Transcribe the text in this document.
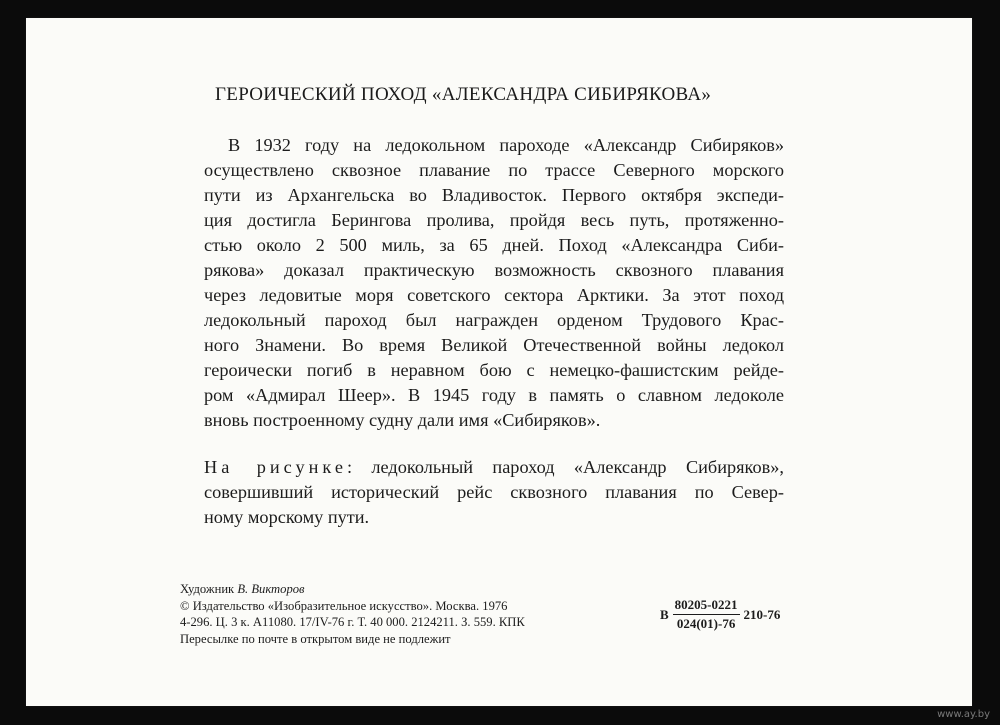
ГЕРОИЧЕСКИЙ ПОХОД «АЛЕКСАНДРА СИБИРЯКОВА»
В 1932 году на ледокольном пароходе «Александр Сибиряков»
осуществлено сквозное плавание по трассе Северного морского
пути из Архангельска во Владивосток. Первого октября экспеди-
ция достигла Берингова пролива, пройдя весь путь, протяженно-
стью около 2 500 миль, за 65 дней. Поход «Александра Сиби-
рякова» доказал практическую возможность сквозного плавания
через ледовитые моря советского сектора Арктики. За этот поход
ледокольный пароход был награжден орденом Трудового Крас-
ного Знамени. Во время Великой Отечественной войны ледокол
героически погиб в неравном бою с немецко-фашистским рейде-
ром «Адмирал Шеер». В 1945 году в память о славном ледоколе
вновь построенному судну дали имя «Сибиряков».
На рисунке: ледокольный пароход «Александр Сибиряков»,
совершивший исторический рейс сквозного плавания по Север-
ному морскому пути.
Художник В. Викторов
© Издательство «Изобразительное искусство». Москва. 1976
4-296. Ц. 3 к. А11080. 17/IV-76 г. Т. 40 000. 2124211. З. 559. КПК
Пересылке по почте в открытом виде не подлежит
В $\frac{80205-0221}{024(01)-76} 210-76$
www.ay.by
